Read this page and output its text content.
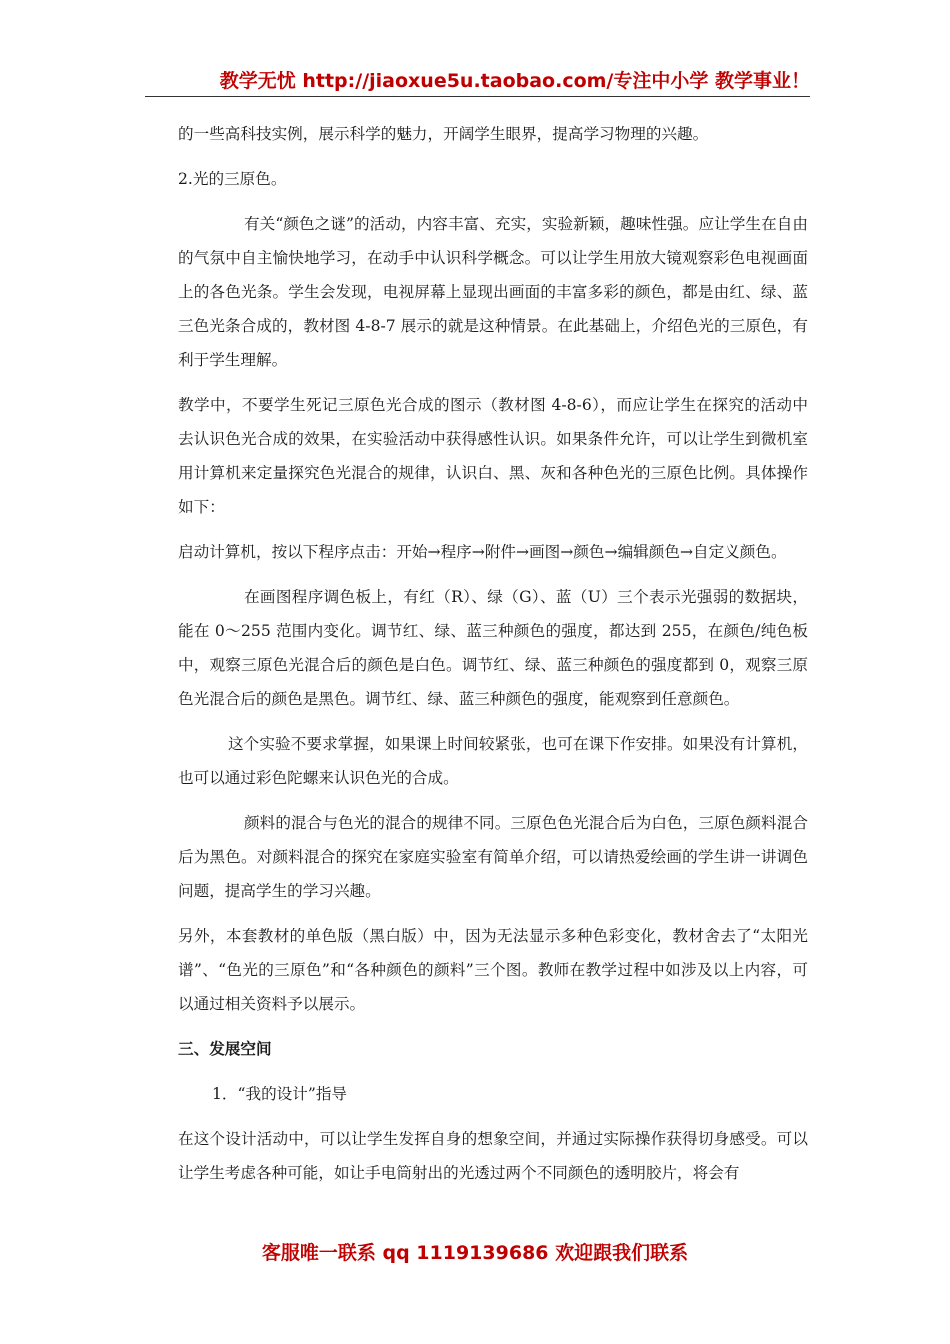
教学无忧 http://jiaoxue5u.taobao.com/专注中小学 教学事业！

的一些高科技实例，展示科学的魅力，开阔学生眼界，提高学习物理的兴趣。

2.光的三原色。

有关“颜色之谜”的活动，内容丰富、充实，实验新颖，趣味性强。应让学生在自由的气氛中自主愉快地学习，在动手中认识科学概念。可以让学生用放大镜观察彩色电视画面上的各色光条。学生会发现，电视屏幕上显现出画面的丰富多彩的颜色，都是由红、绿、蓝三色光条合成的，教材图 4-8-7 展示的就是这种情景。在此基础上，介绍色光的三原色，有利于学生理解。

教学中，不要学生死记三原色光合成的图示（教材图 4-8-6），而应让学生在探究的活动中去认识色光合成的效果，在实验活动中获得感性认识。如果条件允许，可以让学生到微机室用计算机来定量探究色光混合的规律，认识白、黑、灰和各种色光的三原色比例。具体操作如下：

启动计算机，按以下程序点击：开始→程序→附件→画图→颜色→编辑颜色→自定义颜色。

在画图程序调色板上，有红（R）、绿（G）、蓝（U）三个表示光强弱的数据块，能在 0～255 范围内变化。调节红、绿、蓝三种颜色的强度，都达到 255，在颜色/纯色板中，观察三原色光混合后的颜色是白色。调节红、绿、蓝三种颜色的强度都到 0，观察三原色光混合后的颜色是黑色。调节红、绿、蓝三种颜色的强度，能观察到任意颜色。

这个实验不要求掌握，如果课上时间较紧张，也可在课下作安排。如果没有计算机，也可以通过彩色陀螺来认识色光的合成。

颜料的混合与色光的混合的规律不同。三原色色光混合后为白色，三原色颜料混合后为黑色。对颜料混合的探究在家庭实验室有简单介绍，可以请热爱绘画的学生讲一讲调色问题，提高学生的学习兴趣。

另外，本套教材的单色版（黑白版）中，因为无法显示多种色彩变化，教材舍去了“太阳光谱”、“色光的三原色”和“各种颜色的颜料”三个图。教师在教学过程中如涉及以上内容，可以通过相关资料予以展示。

三、发展空间

1．“我的设计”指导

在这个设计活动中，可以让学生发挥自身的想象空间，并通过实际操作获得切身感受。可以让学生考虑各种可能，如让手电筒射出的光透过两个不同颜色的透明胶片，将会有

客服唯一联系 qq 1119139686 欢迎跟我们联系
